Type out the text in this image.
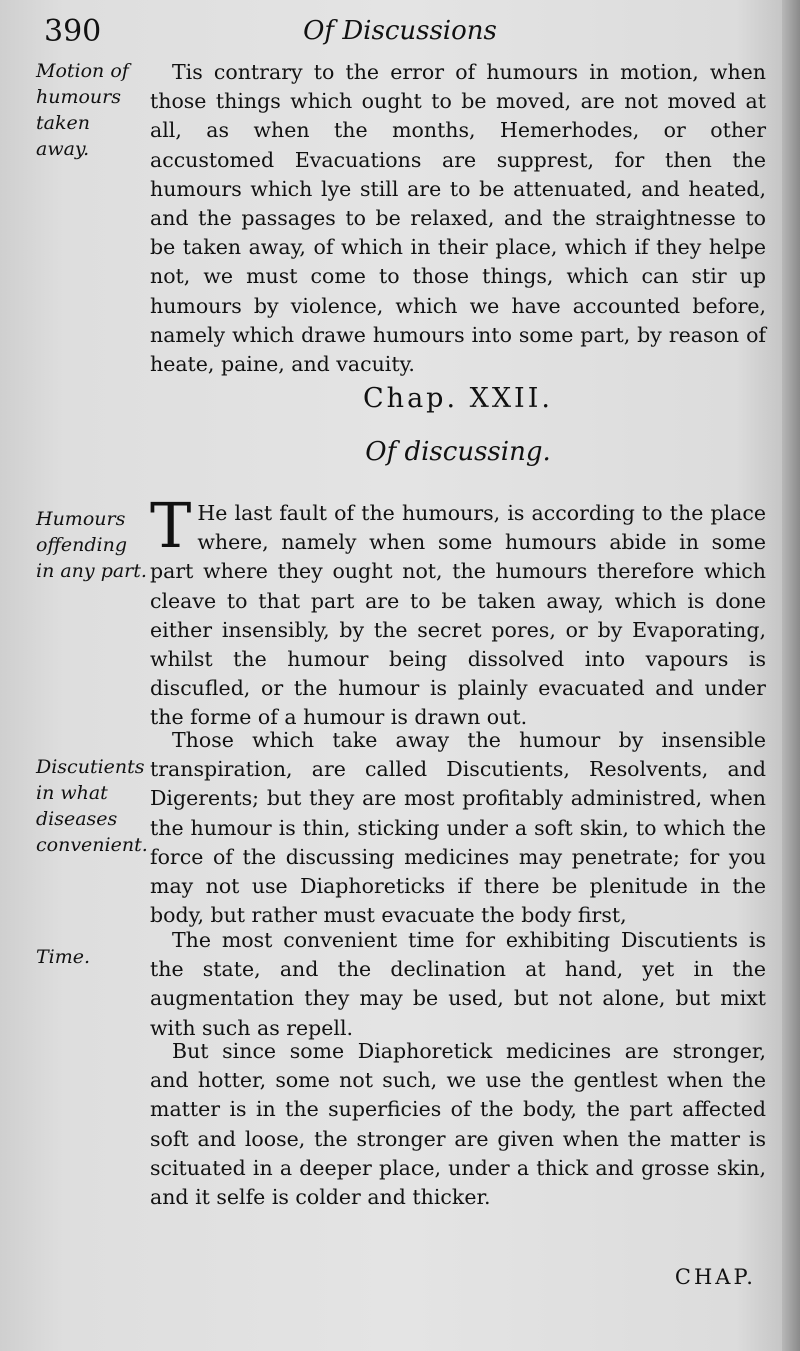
390	Of Discussions
Motion of humours taken away.

Tis contrary to the error of humours in motion, when those things which ought to be moved, are not moved at all, as when the months, Hemerhodes, or other accustomed Evacuations are supprest, for then the humours which lye still are to be attenuated, and heated, and the passages to be relaxed, and the straightnesse to be taken away, of which in their place, which if they helpe not, we must come to those things, which can stir up humours by violence, which we have accounted before, namely which drawe humours into some part, by reason of heate, paine, and vacuity.

Chap. XXII.
Of discussing.
Humours offending in any part.

T He last fault of the humours, is according to the place where, namely when some humours abide in some part where they ought not, the humours therefore which cleave to that part are to be taken away, which is done either insensibly, by the secret pores, or by Evaporating, whilst the humour being dissolved into vapours is discufled, or the humour is plainly evacuated and under the forme of a humour is drawn out.

Discutients in what diseases convenient.

Those which take away the humour by insensible transpiration, are called Discutients, Resolvents, and Digerents; but they are most profitably administred, when the humour is thin, sticking under a soft skin, to which the force of the discussing medicines may penetrate; for you may not use Diaphoreticks if there be plenitude in the body, but rather must evacuate the body first,

Time.

The most convenient time for exhibiting Discutients is the state, and the declination at hand, yet in the augmentation they may be used, but not alone, but mixt with such as repell.

But since some Diaphoretick medicines are stronger, and hotter, some not such, we use the gentlest when the matter is in the superficies of the body, the part affected soft and loose, the stronger are given when the matter is scituated in a deeper place, under a thick and grosse skin, and it selfe is colder and thicker.

CHAP.
